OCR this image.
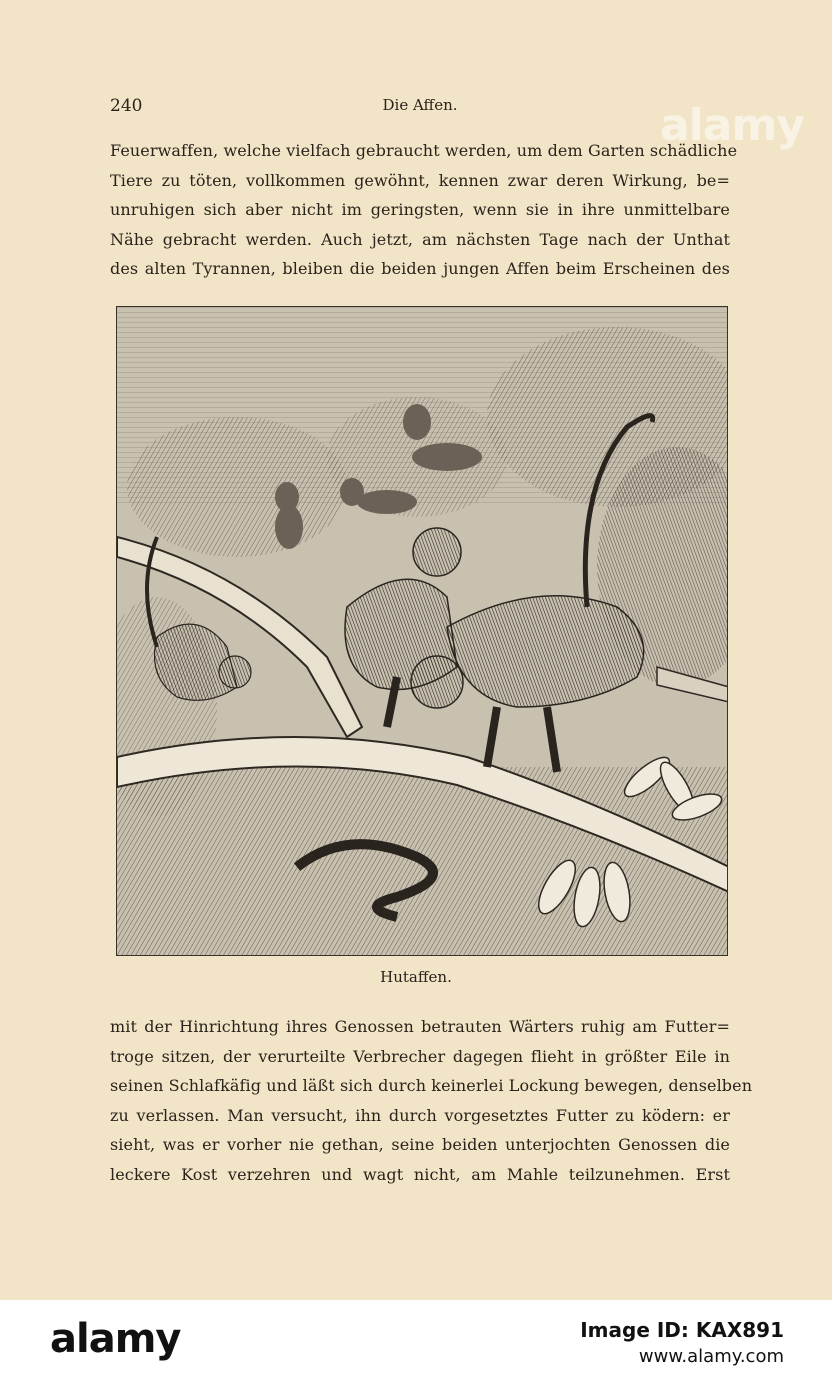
240	Die Affen.
Feuerwaffen, welche vielfach gebraucht werden, um dem Garten schädliche
Tiere zu töten, vollkommen gewöhnt, kennen zwar deren Wirkung, be=
unruhigen sich aber nicht im geringsten, wenn sie in ihre unmittelbare
Nähe gebracht werden. Auch jetzt, am nächsten Tage nach der Unthat
des alten Tyrannen, bleiben die beiden jungen Affen beim Erscheinen des
Hutaffen.
mit der Hinrichtung ihres Genossen betrauten Wärters ruhig am Futter=
troge sitzen, der verurteilte Verbrecher dagegen flieht in größter Eile in
seinen Schlafkäfig und läßt sich durch keinerlei Lockung bewegen, denselben
zu verlassen. Man versucht, ihn durch vorgesetztes Futter zu ködern: er
sieht, was er vorher nie gethan, seine beiden unterjochten Genossen die
leckere Kost verzehren und wagt nicht, am Mahle teilzunehmen. Erst
alamy
alamy	Image ID: KAX891
www.alamy.com
